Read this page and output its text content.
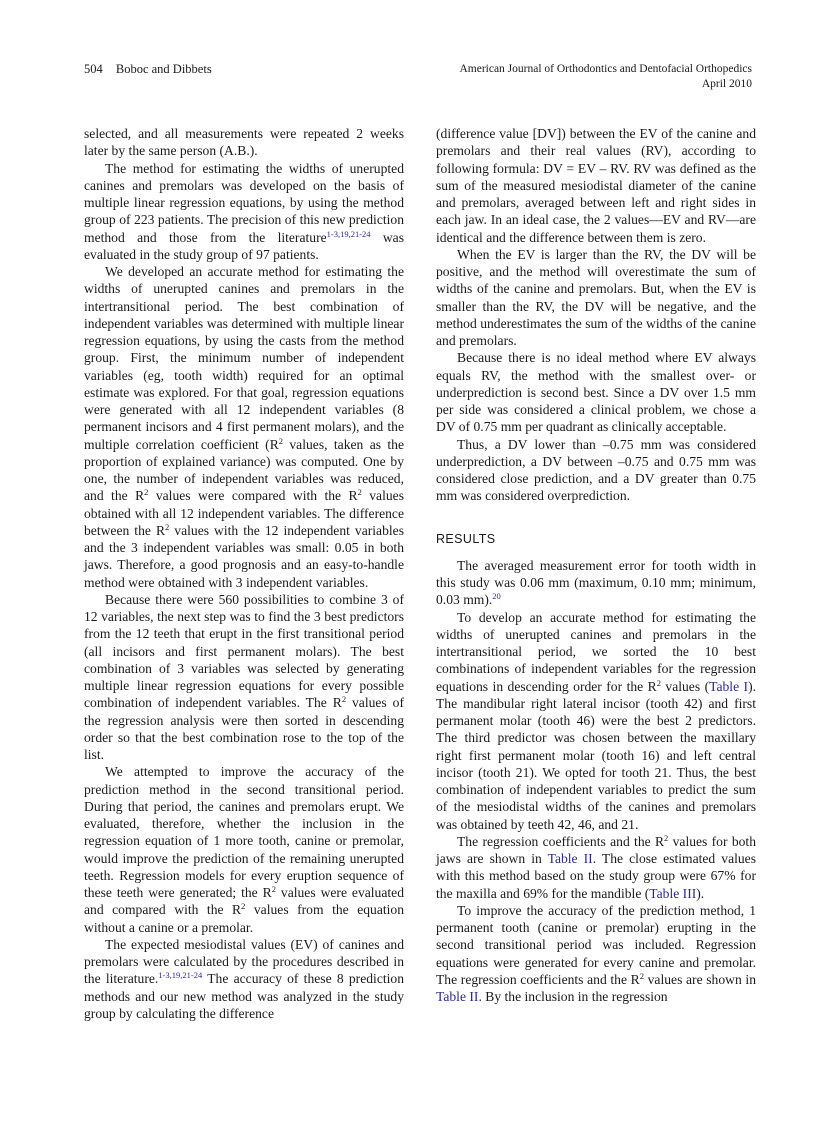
504 Boboc and Dibbets	American Journal of Orthodontics and Dentofacial Orthopedics
April 2010

selected, and all measurements were repeated 2 weeks later by the same person (A.B.).

The method for estimating the widths of unerupted canines and premolars was developed on the basis of multiple linear regression equations, by using the method group of 223 patients. The precision of this new prediction method and those from the literature$^{1-3,19,21-24}$ was evaluated in the study group of 97 patients.

We developed an accurate method for estimating the widths of unerupted canines and premolars in the intertransitional period. The best combination of independent variables was determined with multiple linear regression equations, by using the casts from the method group. First, the minimum number of independent variables (eg, tooth width) required for an optimal estimate was explored. For that goal, regression equations were generated with all 12 independent variables (8 permanent incisors and 4 first permanent molars), and the multiple correlation coefficient ($R^2$ values, taken as the proportion of explained variance) was computed. One by one, the number of independent variables was reduced, and the $R^2$ values were compared with the $R^2$ values obtained with all 12 independent variables. The difference between the $R^2$ values with the 12 independent variables and the 3 independent variables was small: 0.05 in both jaws. Therefore, a good prognosis and an easy-to-handle method were obtained with 3 independent variables.

Because there were 560 possibilities to combine 3 of 12 variables, the next step was to find the 3 best predictors from the 12 teeth that erupt in the first transitional period (all incisors and first permanent molars). The best combination of 3 variables was selected by generating multiple linear regression equations for every possible combination of independent variables. The $R^2$ values of the regression analysis were then sorted in descending order so that the best combination rose to the top of the list.

We attempted to improve the accuracy of the prediction method in the second transitional period. During that period, the canines and premolars erupt. We evaluated, therefore, whether the inclusion in the regression equation of 1 more tooth, canine or premolar, would improve the prediction of the remaining unerupted teeth. Regression models for every eruption sequence of these teeth were generated; the $R^2$ values were evaluated and compared with the $R^2$ values from the equation without a canine or a premolar.

The expected mesiodistal values (EV) of canines and premolars were calculated by the procedures described in the literature.$^{1-3,19,21-24}$ The accuracy of these 8 prediction methods and our new method was analyzed in the study group by calculating the difference

(difference value [DV]) between the EV of the canine and premolars and their real values (RV), according to following formula: DV = EV – RV. RV was defined as the sum of the measured mesiodistal diameter of the canine and premolars, averaged between left and right sides in each jaw. In an ideal case, the 2 values—EV and RV—are identical and the difference between them is zero.

When the EV is larger than the RV, the DV will be positive, and the method will overestimate the sum of widths of the canine and premolars. But, when the EV is smaller than the RV, the DV will be negative, and the method underestimates the sum of the widths of the canine and premolars.

Because there is no ideal method where EV always equals RV, the method with the smallest over- or underprediction is second best. Since a DV over 1.5 mm per side was considered a clinical problem, we chose a DV of 0.75 mm per quadrant as clinically acceptable.

Thus, a DV lower than –0.75 mm was considered underprediction, a DV between –0.75 and 0.75 mm was considered close prediction, and a DV greater than 0.75 mm was considered overprediction.

RESULTS

The averaged measurement error for tooth width in this study was 0.06 mm (maximum, 0.10 mm; minimum, 0.03 mm).$^{20}$

To develop an accurate method for estimating the widths of unerupted canines and premolars in the intertransitional period, we sorted the 10 best combinations of independent variables for the regression equations in descending order for the $R^2$ values (Table I). The mandibular right lateral incisor (tooth 42) and first permanent molar (tooth 46) were the best 2 predictors. The third predictor was chosen between the maxillary right first permanent molar (tooth 16) and left central incisor (tooth 21). We opted for tooth 21. Thus, the best combination of independent variables to predict the sum of the mesiodistal widths of the canines and premolars was obtained by teeth 42, 46, and 21.

The regression coefficients and the $R^2$ values for both jaws are shown in Table II. The close estimated values with this method based on the study group were 67% for the maxilla and 69% for the mandible (Table III).

To improve the accuracy of the prediction method, 1 permanent tooth (canine or premolar) erupting in the second transitional period was included. Regression equations were generated for every canine and premolar. The regression coefficients and the $R^2$ values are shown in Table II. By the inclusion in the regression
